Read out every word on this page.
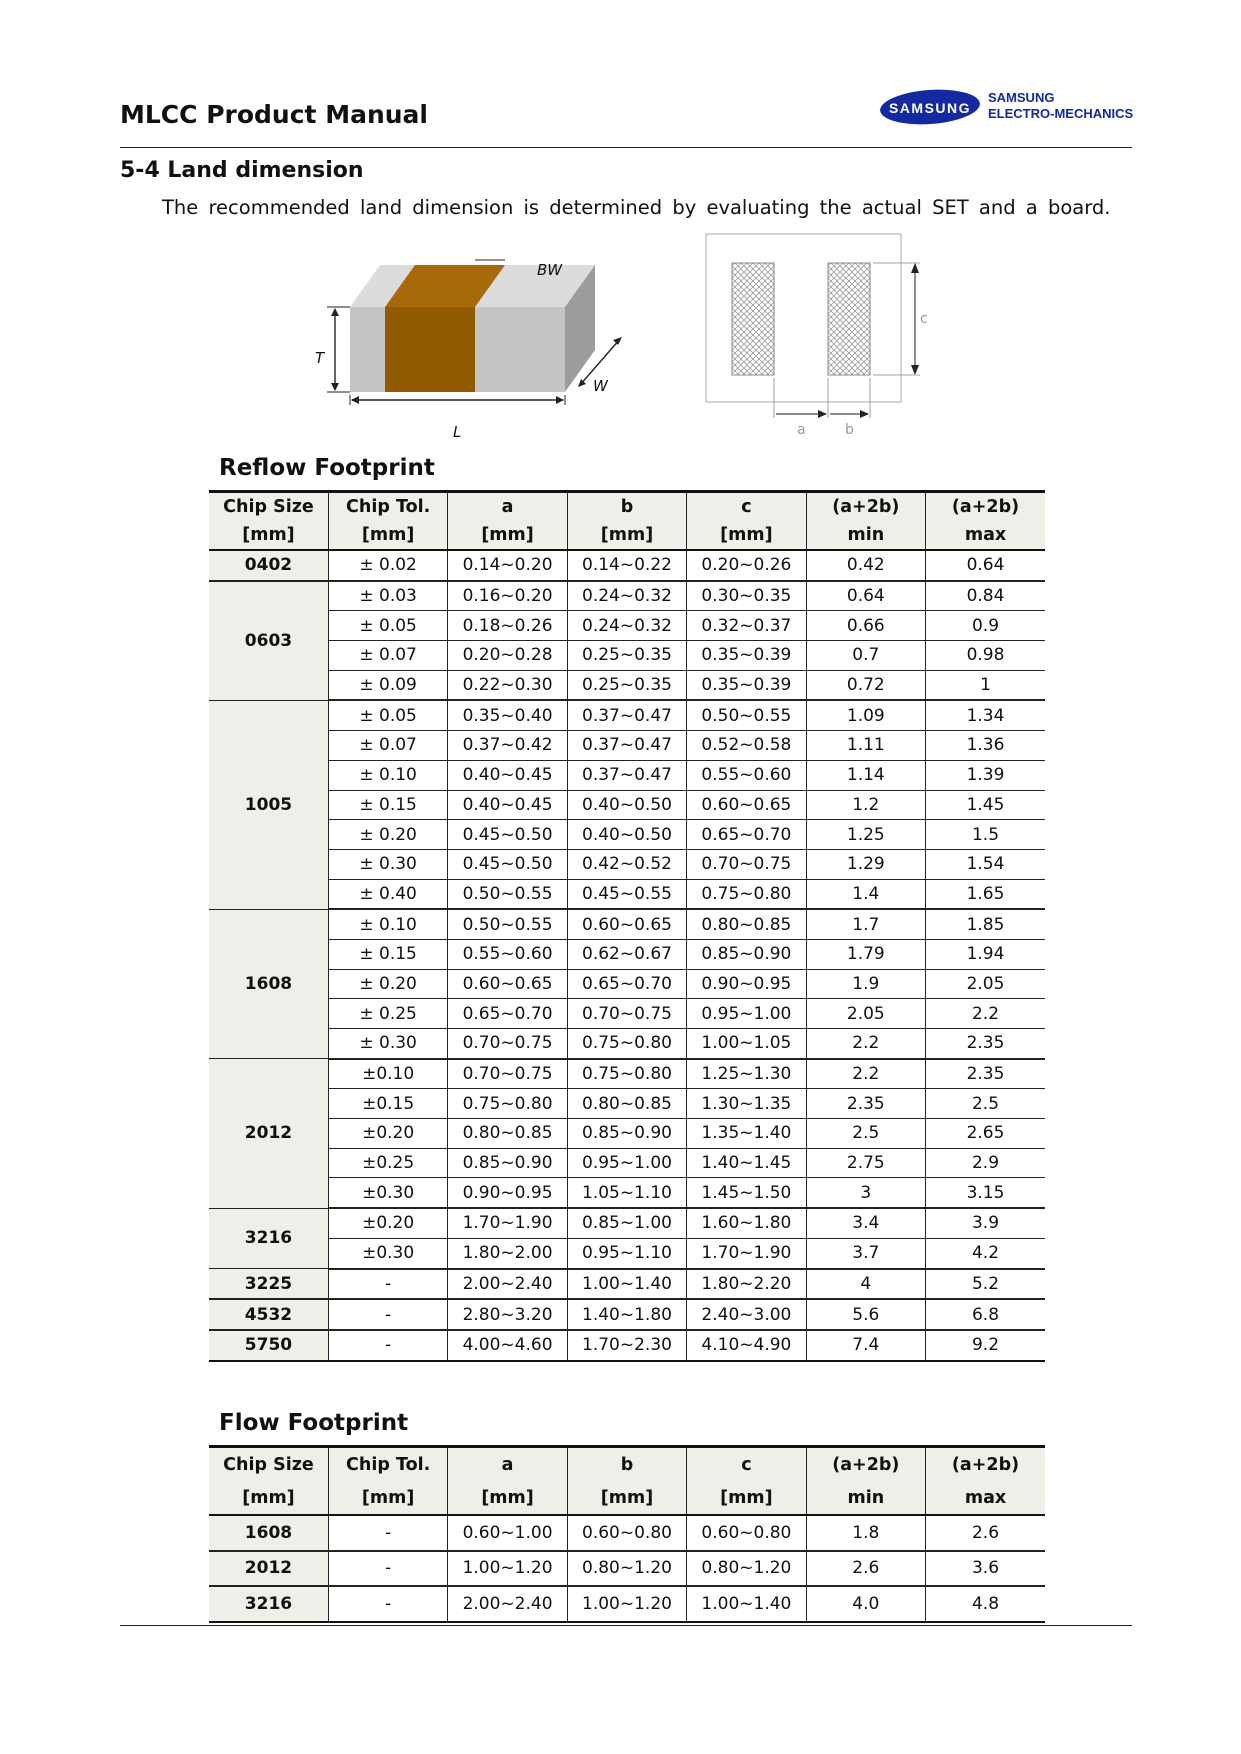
MLCC Product Manual	SAMSUNG
SAMSUNG
ELECTRO-MECHANICS
5-4 Land dimension
The recommended land dimension is determined by evaluating the actual SET and a board.
T
L
W
BW
c
a	b
Reflow Footprint
Chip Size	Chip Tol.	a	b	c	(a+2b)	(a+2b)
[mm]	[mm]	[mm]	[mm]	[mm]	min	max
0402	± 0.02	0.14~0.20	0.14~0.22	0.20~0.26	0.42	0.64
0603	± 0.03	0.16~0.20	0.24~0.32	0.30~0.35	0.64	0.84
	± 0.05	0.18~0.26	0.24~0.32	0.32~0.37	0.66	0.9
	± 0.07	0.20~0.28	0.25~0.35	0.35~0.39	0.7	0.98
	± 0.09	0.22~0.30	0.25~0.35	0.35~0.39	0.72	1
1005	± 0.05	0.35~0.40	0.37~0.47	0.50~0.55	1.09	1.34
	± 0.07	0.37~0.42	0.37~0.47	0.52~0.58	1.11	1.36
	± 0.10	0.40~0.45	0.37~0.47	0.55~0.60	1.14	1.39
	± 0.15	0.40~0.45	0.40~0.50	0.60~0.65	1.2	1.45
	± 0.20	0.45~0.50	0.40~0.50	0.65~0.70	1.25	1.5
	± 0.30	0.45~0.50	0.42~0.52	0.70~0.75	1.29	1.54
	± 0.40	0.50~0.55	0.45~0.55	0.75~0.80	1.4	1.65
1608	± 0.10	0.50~0.55	0.60~0.65	0.80~0.85	1.7	1.85
	± 0.15	0.55~0.60	0.62~0.67	0.85~0.90	1.79	1.94
	± 0.20	0.60~0.65	0.65~0.70	0.90~0.95	1.9	2.05
	± 0.25	0.65~0.70	0.70~0.75	0.95~1.00	2.05	2.2
	± 0.30	0.70~0.75	0.75~0.80	1.00~1.05	2.2	2.35
2012	±0.10	0.70~0.75	0.75~0.80	1.25~1.30	2.2	2.35
	±0.15	0.75~0.80	0.80~0.85	1.30~1.35	2.35	2.5
	±0.20	0.80~0.85	0.85~0.90	1.35~1.40	2.5	2.65
	±0.25	0.85~0.90	0.95~1.00	1.40~1.45	2.75	2.9
	±0.30	0.90~0.95	1.05~1.10	1.45~1.50	3	3.15
3216	±0.20	1.70~1.90	0.85~1.00	1.60~1.80	3.4	3.9
	±0.30	1.80~2.00	0.95~1.10	1.70~1.90	3.7	4.2
3225	-	2.00~2.40	1.00~1.40	1.80~2.20	4	5.2
4532	-	2.80~3.20	1.40~1.80	2.40~3.00	5.6	6.8
5750	-	4.00~4.60	1.70~2.30	4.10~4.90	7.4	9.2
Flow Footprint
Chip Size	Chip Tol.	a	b	c	(a+2b)	(a+2b)
[mm]	[mm]	[mm]	[mm]	[mm]	min	max
1608	-	0.60~1.00	0.60~0.80	0.60~0.80	1.8	2.6
2012	-	1.00~1.20	0.80~1.20	0.80~1.20	2.6	3.6
3216	-	2.00~2.40	1.00~1.20	1.00~1.40	4.0	4.8
